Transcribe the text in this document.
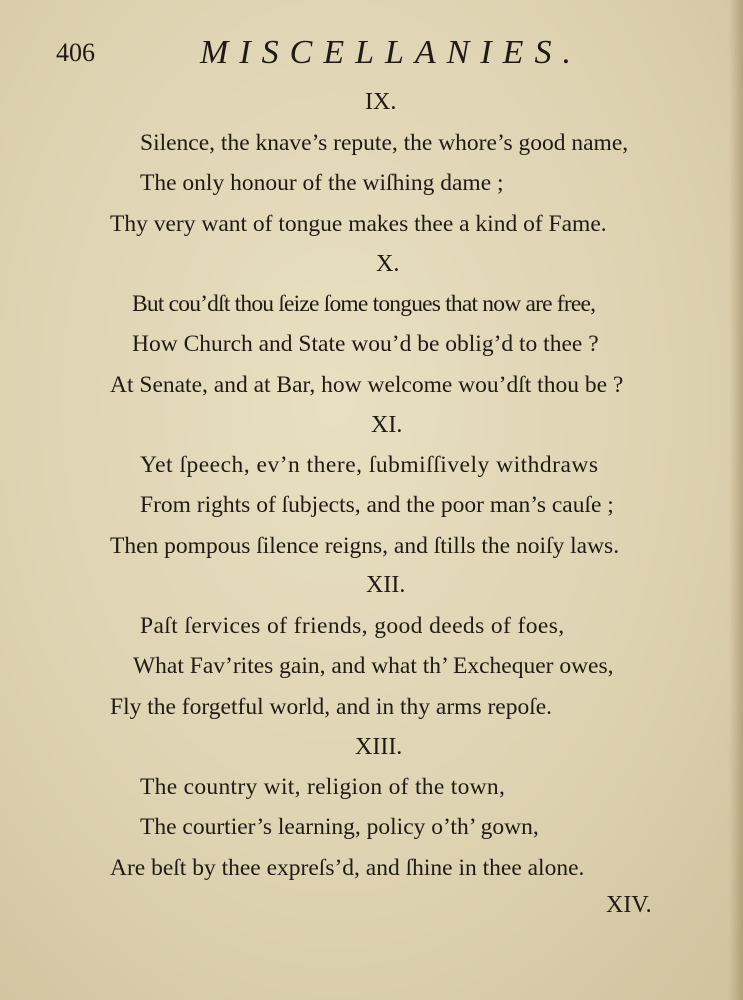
406	MISCELLANIES.
IX.
Silence, the knave’s repute, the whore’s good name,
The only honour of the wiſhing dame ;
Thy very want of tongue makes thee a kind of Fame.
X.
But cou’dſt thou ſeize ſome tongues that now are free,
How Church and State wou’d be oblig’d to thee ?
At Senate, and at Bar, how welcome wou’dſt thou be ?
XI.
Yet ſpeech, ev’n there, ſubmiſſively withdraws
From rights of ſubjects, and the poor man’s cauſe ;
Then pompous ſilence reigns, and ſtills the noiſy laws.
XII.
Paſt ſervices of friends, good deeds of foes,
What Fav’rites gain, and what th’ Exchequer owes,
Fly the forgetful world, and in thy arms repoſe.
XIII.
The country wit, religion of the town,
The courtier’s learning, policy o’th’ gown,
Are beſt by thee expreſs’d, and ſhine in thee alone.
XIV.
